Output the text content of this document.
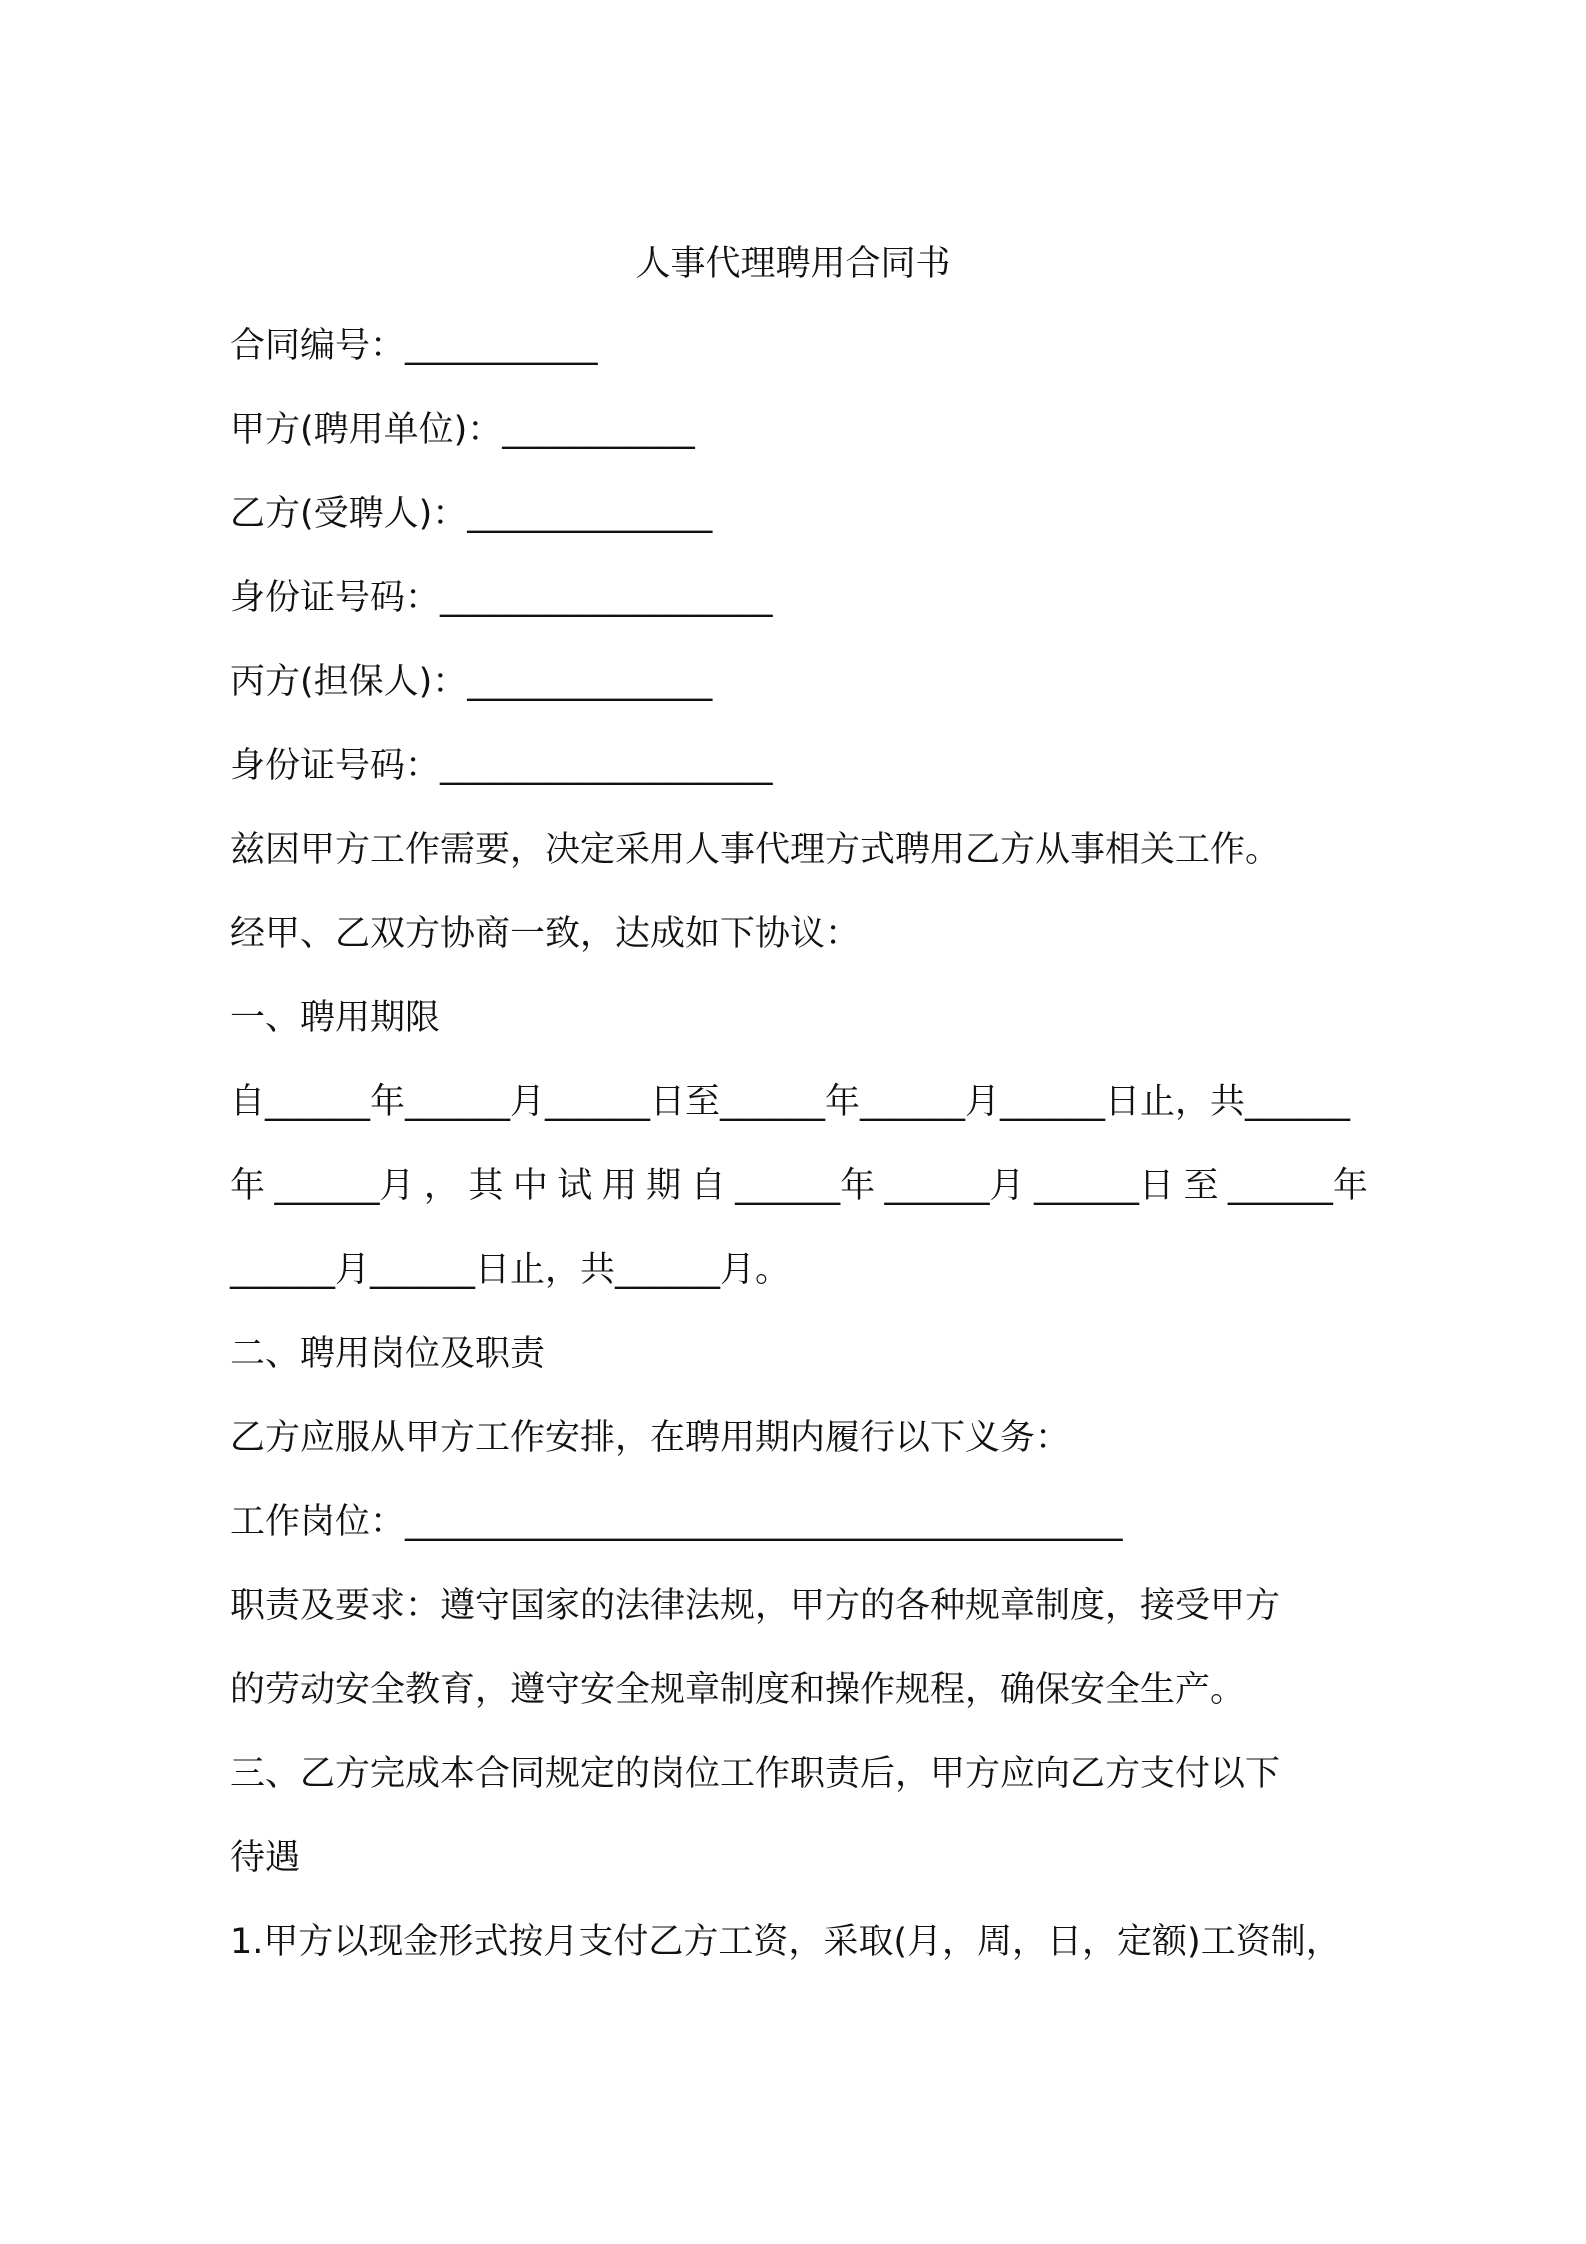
人事代理聘用合同书
合同编号：___________
甲方(聘用单位)：___________
乙方(受聘人)：______________
身份证号码：___________________
丙方(担保人)：______________
身份证号码：___________________
兹因甲方工作需要，决定采用人事代理方式聘用乙方从事相关工作。
经甲、乙双方协商一致，达成如下协议：
一、聘用期限
自______年______月______日至______年______月______日止，共______
年 ______月 ， 其 中 试 用 期 自 ______年 ______月 ______日 至 ______年
______月______日止，共______月。
二、聘用岗位及职责
乙方应服从甲方工作安排，在聘用期内履行以下义务：
工作岗位：_________________________________________
职责及要求：遵守国家的法律法规，甲方的各种规章制度，接受甲方
的劳动安全教育，遵守安全规章制度和操作规程，确保安全生产。
三、乙方完成本合同规定的岗位工作职责后，甲方应向乙方支付以下
待遇
1.甲方以现金形式按月支付乙方工资，采取(月，周，日，定额)工资制，
